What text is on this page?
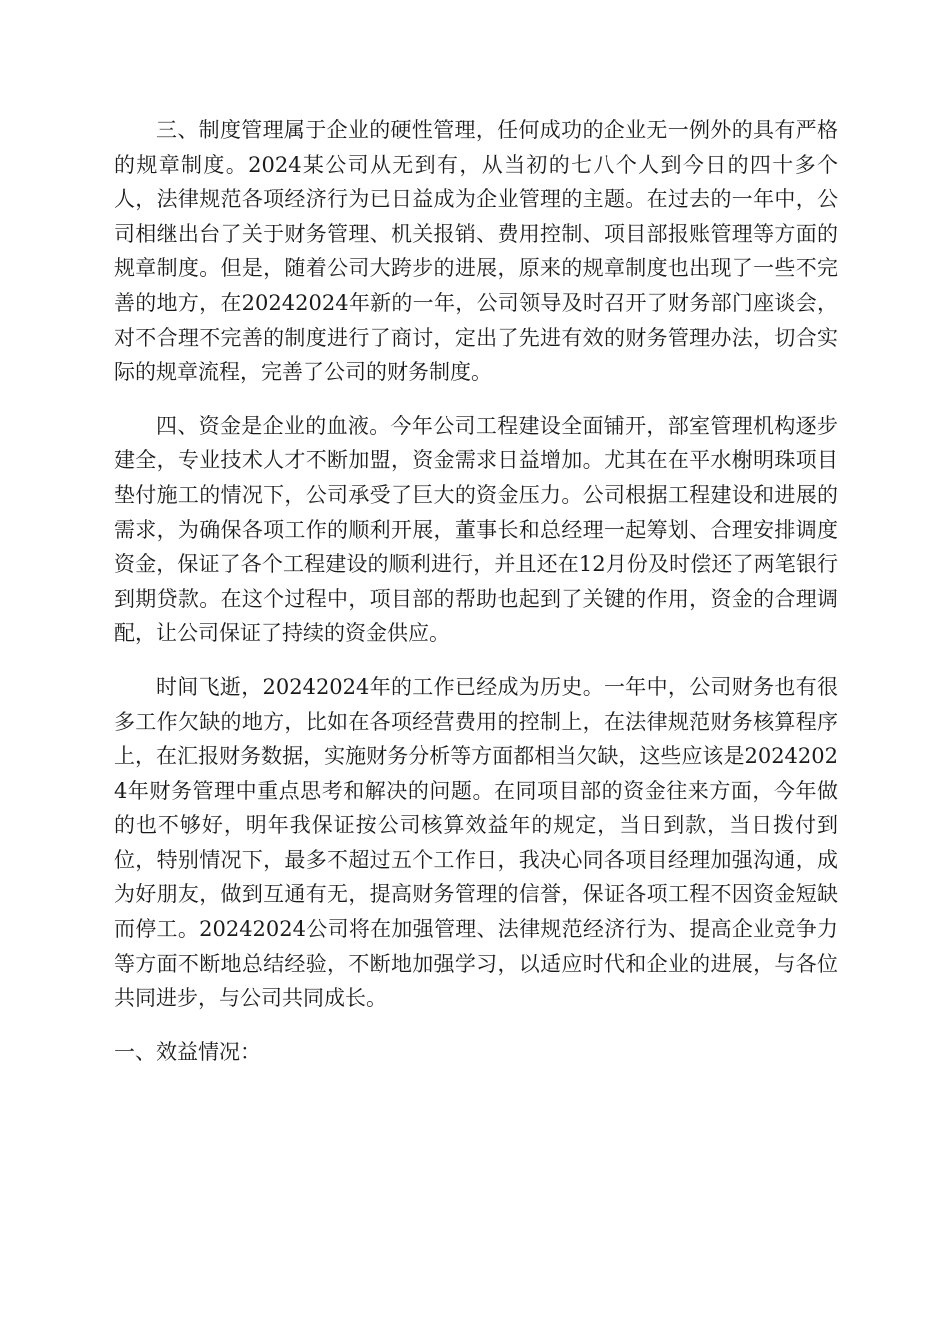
三、制度管理属于企业的硬性管理，任何成功的企业无一例外的具有严格的规章制度。2024某公司从无到有，从当初的七八个人到今日的四十多个人，法律规范各项经济行为已日益成为企业管理的主题。在过去的一年中，公司相继出台了关于财务管理、机关报销、费用控制、项目部报账管理等方面的规章制度。但是，随着公司大跨步的进展，原来的规章制度也出现了一些不完善的地方，在20242024年新的一年，公司领导及时召开了财务部门座谈会，对不合理不完善的制度进行了商讨，定出了先进有效的财务管理办法，切合实际的规章流程，完善了公司的财务制度。

四、资金是企业的血液。今年公司工程建设全面铺开，部室管理机构逐步建全，专业技术人才不断加盟，资金需求日益增加。尤其在在平水榭明珠项目垫付施工的情况下，公司承受了巨大的资金压力。公司根据工程建设和进展的需求，为确保各项工作的顺利开展，董事长和总经理一起筹划、合理安排调度资金，保证了各个工程建设的顺利进行，并且还在12月份及时偿还了两笔银行到期贷款。在这个过程中，项目部的帮助也起到了关键的作用，资金的合理调配，让公司保证了持续的资金供应。

时间飞逝，20242024年的工作已经成为历史。一年中，公司财务也有很多工作欠缺的地方，比如在各项经营费用的控制上，在法律规范财务核算程序上，在汇报财务数据，实施财务分析等方面都相当欠缺，这些应该是20242024年财务管理中重点思考和解决的问题。在同项目部的资金往来方面，今年做的也不够好，明年我保证按公司核算效益年的规定，当日到款，当日拨付到位，特别情况下，最多不超过五个工作日，我决心同各项目经理加强沟通，成为好朋友，做到互通有无，提高财务管理的信誉，保证各项工程不因资金短缺而停工。20242024公司将在加强管理、法律规范经济行为、提高企业竞争力等方面不断地总结经验，不断地加强学习，以适应时代和企业的进展，与各位共同进步，与公司共同成长。

一、效益情况：
